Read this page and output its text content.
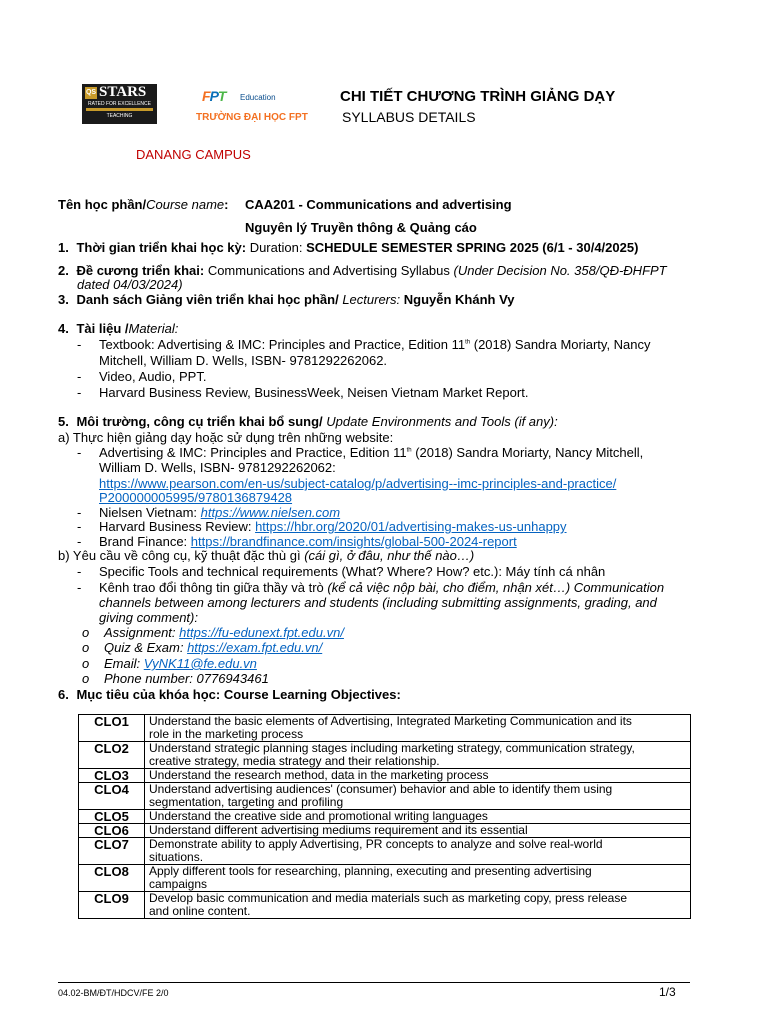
QS STARS
RATED FOR EXCELLENCE
TEACHING
FPT Education
TRƯỜNG ĐẠI HỌC FPT
CHI TIẾT CHƯƠNG TRÌNH GIẢNG DẠY
SYLLABUS DETAILS
DANANG CAMPUS
Tên học phần/Course name: CAA201 - Communications and advertising
Nguyên lý Truyền thông & Quảng cáo
1. Thời gian triển khai học kỳ: Duration: SCHEDULE SEMESTER SPRING 2025 (6/1 - 30/4/2025)
2. Đề cương triển khai: Communications and Advertising Syllabus (Under Decision No. 358/QĐ-ĐHFPT
dated 04/03/2024)
3. Danh sách Giảng viên triển khai học phần/ Lecturers: Nguyễn Khánh Vy
4. Tài liệu /Material:
- Textbook: Advertising & IMC: Principles and Practice, Edition 11th (2018) Sandra Moriarty, Nancy
Mitchell, William D. Wells, ISBN- 9781292262062.
- Video, Audio, PPT.
- Harvard Business Review, BusinessWeek, Neisen Vietnam Market Report.
5. Môi trường, công cụ triển khai bổ sung/ Update Environments and Tools (if any):
a) Thực hiện giảng dạy hoặc sử dụng trên những website:
- Advertising & IMC: Principles and Practice, Edition 11th (2018) Sandra Moriarty, Nancy Mitchell,
William D. Wells, ISBN- 9781292262062:
https://www.pearson.com/en-us/subject-catalog/p/advertising--imc-principles-and-practice/
P200000005995/9780136879428
- Nielsen Vietnam: https://www.nielsen.com
- Harvard Business Review: https://hbr.org/2020/01/advertising-makes-us-unhappy
- Brand Finance: https://brandfinance.com/insights/global-500-2024-report
b) Yêu cầu về công cụ, kỹ thuật đặc thù gì (cái gì, ở đâu, như thế nào…)
- Specific Tools and technical requirements (What? Where? How? etc.): Máy tính cá nhân
- Kênh trao đổi thông tin giữa thầy và trò (kể cả việc nộp bài, cho điểm, nhận xét…) Communication
channels between among lecturers and students (including submitting assignments, grading, and
giving comment):
o Assignment: https://fu-edunext.fpt.edu.vn/
o Quiz & Exam: https://exam.fpt.edu.vn/
o Email: VyNK11@fe.edu.vn
o Phone number: 0776943461
6. Mục tiêu của khóa học: Course Learning Objectives:
CLO1	Understand the basic elements of Advertising, Integrated Marketing Communication and its
role in the marketing process

CLO2	Understand strategic planning stages including marketing strategy, communication strategy,
creative strategy, media strategy and their relationship.

CLO3	Understand the research method, data in the marketing process

CLO4	Understand advertising audiences' (consumer) behavior and able to identify them using
segmentation, targeting and profiling

CLO5	Understand the creative side and promotional writing languages

CLO6	Understand different advertising mediums requirement and its essential

CLO7	Demonstrate ability to apply Advertising, PR concepts to analyze and solve real-world
situations.

CLO8	Apply different tools for researching, planning, executing and presenting advertising
campaigns

CLO9	Develop basic communication and media materials such as marketing copy, press release
and online content.
04.02-BM/ĐT/HDCV/FE 2/0	1/3
